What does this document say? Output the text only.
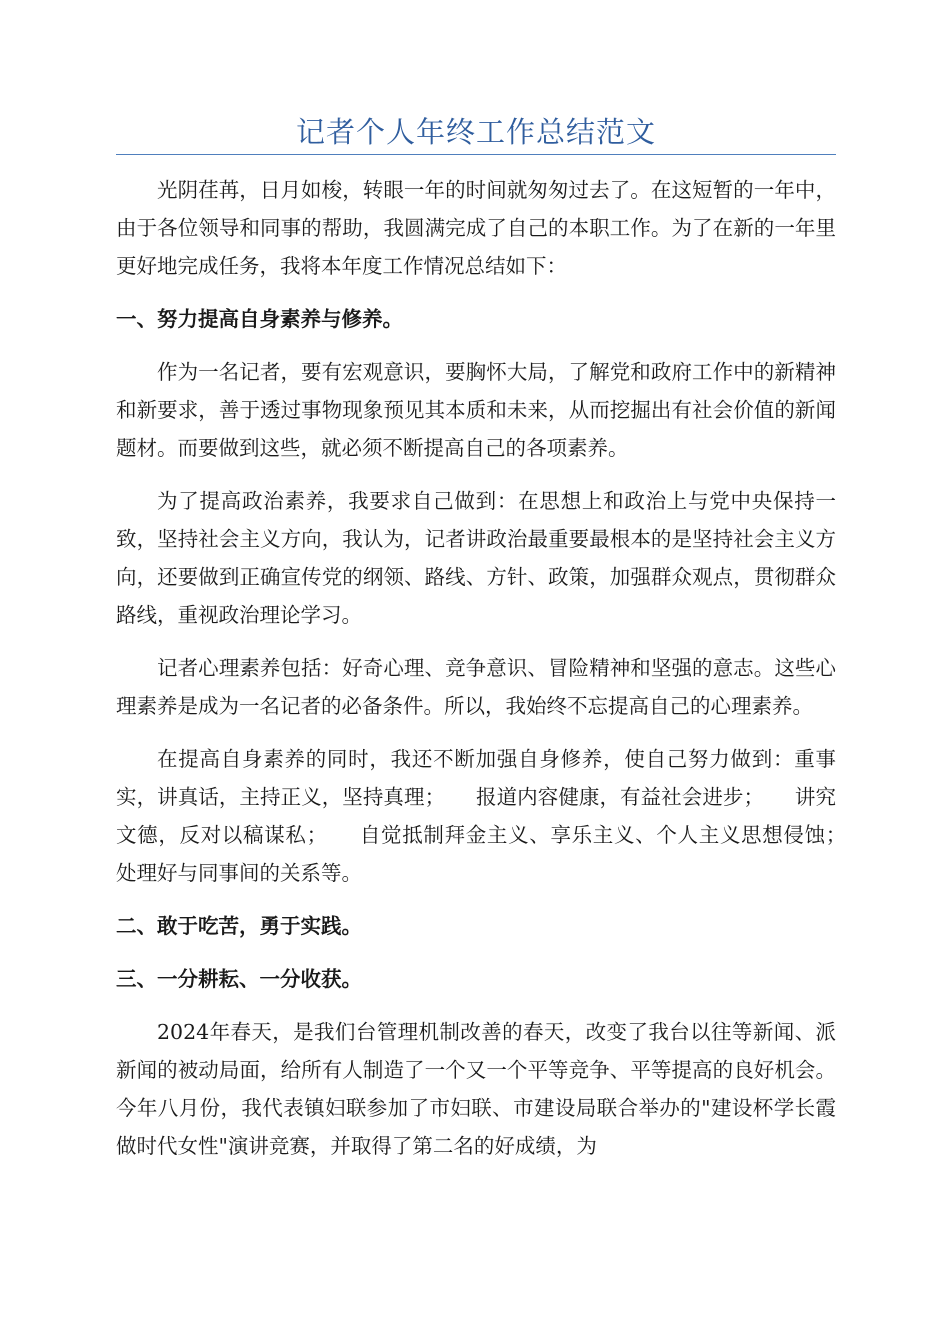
记者个人年终工作总结范文

光阴荏苒，日月如梭，转眼一年的时间就匆匆过去了。在这短暂的一年中，由于各位领导和同事的帮助，我圆满完成了自己的本职工作。为了在新的一年里更好地完成任务，我将本年度工作情况总结如下：

一、努力提高自身素养与修养。

作为一名记者，要有宏观意识，要胸怀大局，了解党和政府工作中的新精神和新要求，善于透过事物现象预见其本质和未来，从而挖掘出有社会价值的新闻题材。而要做到这些，就必须不断提高自己的各项素养。

为了提高政治素养，我要求自己做到：在思想上和政治上与党中央保持一致，坚持社会主义方向，我认为，记者讲政治最重要最根本的是坚持社会主义方向，还要做到正确宣传党的纲领、路线、方针、政策，加强群众观点，贯彻群众路线，重视政治理论学习。

记者心理素养包括：好奇心理、竞争意识、冒险精神和坚强的意志。这些心理素养是成为一名记者的必备条件。所以，我始终不忘提高自己的心理素养。

在提高自身素养的同时，我还不断加强自身修养，使自己努力做到：重事实，讲真话，主持正义，坚持真理；　　报道内容健康，有益社会进步；　　讲究文德，反对以稿谋私；　　自觉抵制拜金主义、享乐主义、个人主义思想侵蚀；　　处理好与同事间的关系等。

二、敢于吃苦，勇于实践。
三、一分耕耘、一分收获。

2024年春天，是我们台管理机制改善的春天，改变了我台以往等新闻、派新闻的被动局面，给所有人制造了一个又一个平等竞争、平等提高的良好机会。今年八月份，我代表镇妇联参加了市妇联、市建设局联合举办的"建设杯学长霞做时代女性"演讲竞赛，并取得了第二名的好成绩，为
